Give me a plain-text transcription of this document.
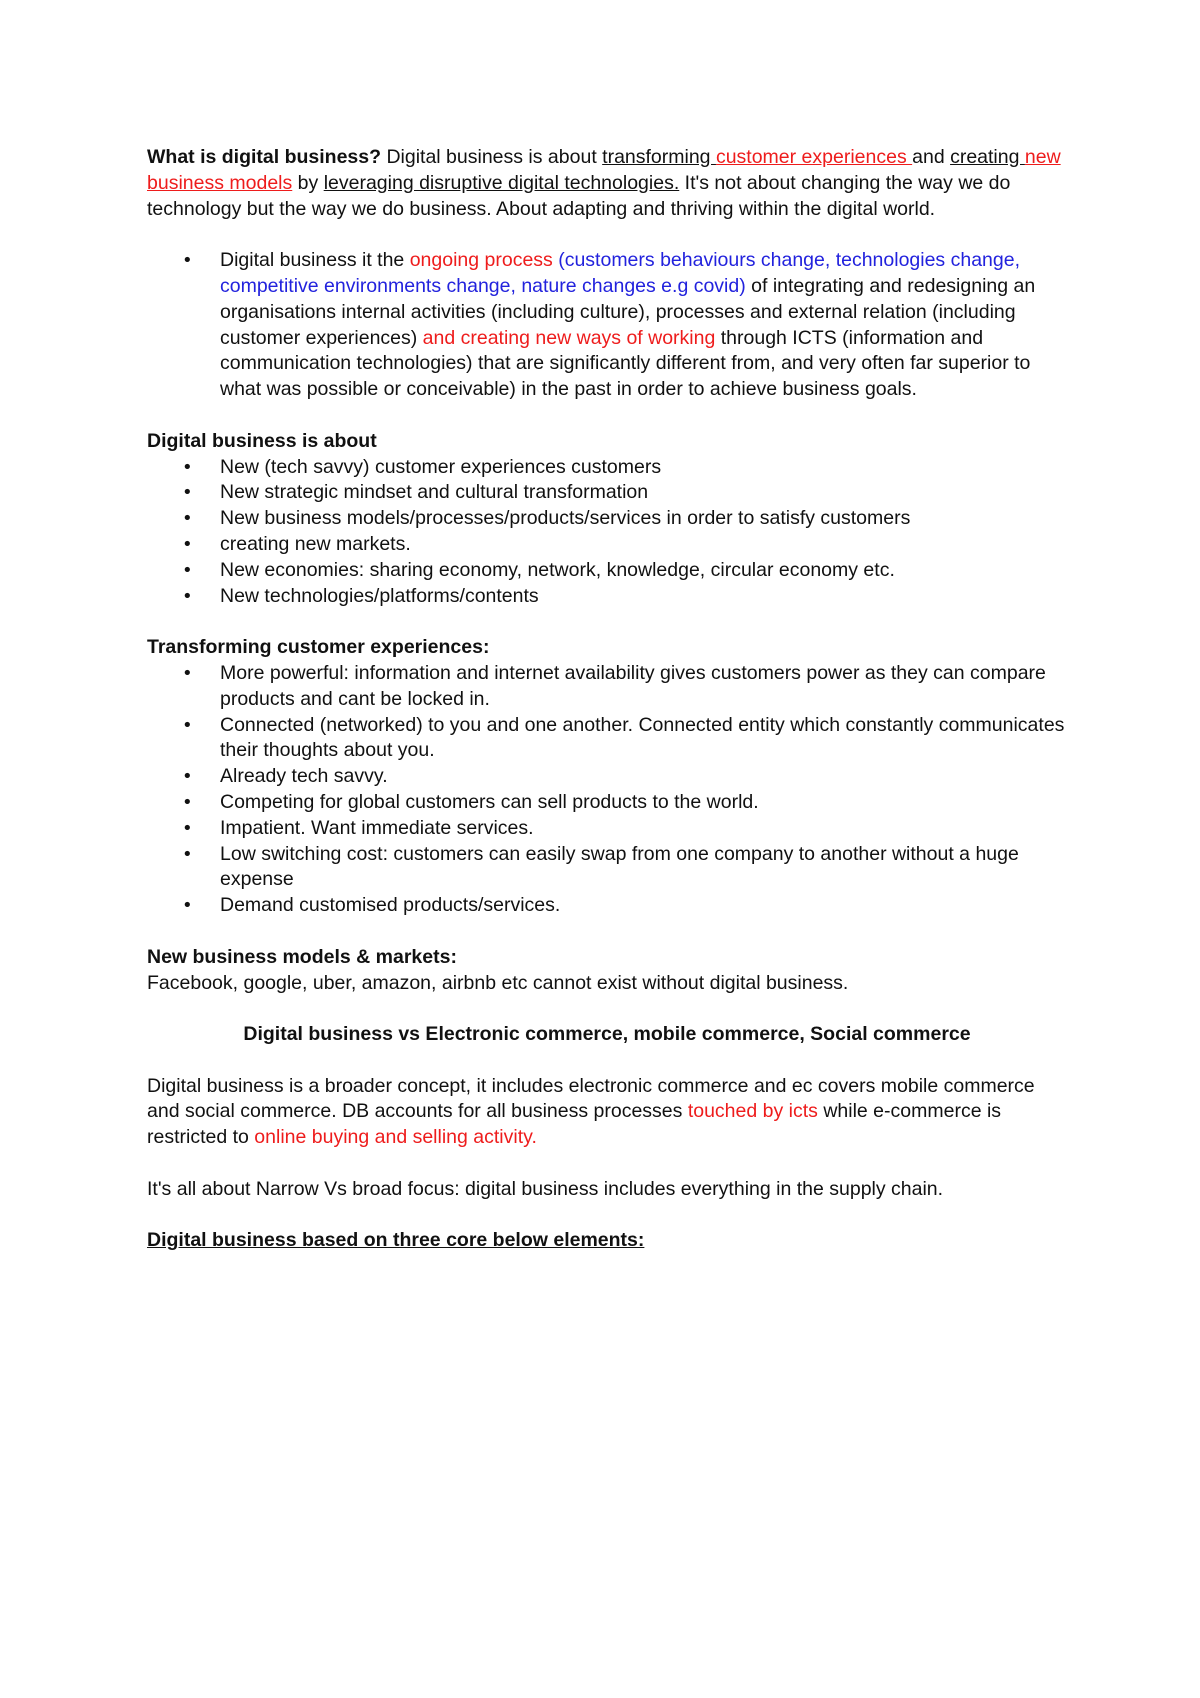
What is digital business? Digital business is about transforming customer experiences and creating new business models by leveraging disruptive digital technologies. It's not about changing the way we do technology but the way we do business. About adapting and thriving within the digital world.

• Digital business it the ongoing process (customers behaviours change, technologies change, competitive environments change, nature changes e.g covid) of integrating and redesigning an organisations internal activities (including culture), processes and external relation (including customer experiences) and creating new ways of working through ICTS (information and communication technologies) that are significantly different from, and very often far superior to what was possible or conceivable) in the past in order to achieve business goals.

Digital business is about

• New (tech savvy) customer experiences customers
• New strategic mindset and cultural transformation
• New business models/processes/products/services in order to satisfy customers
• creating new markets.
• New economies: sharing economy, network, knowledge, circular economy etc.
• New technologies/platforms/contents

Transforming customer experiences:

• More powerful: information and internet availability gives customers power as they can compare products and cant be locked in.
• Connected (networked) to you and one another. Connected entity which constantly communicates their thoughts about you.
• Already tech savvy.
• Competing for global customers can sell products to the world.
• Impatient. Want immediate services.
• Low switching cost: customers can easily swap from one company to another without a huge expense
• Demand customised products/services.

New business models & markets:

Facebook, google, uber, amazon, airbnb etc cannot exist without digital business.

Digital business vs Electronic commerce, mobile commerce, Social commerce

Digital business is a broader concept, it includes electronic commerce and ec covers mobile commerce and social commerce. DB accounts for all business processes touched by icts while e-commerce is restricted to online buying and selling activity.

It's all about Narrow Vs broad focus: digital business includes everything in the supply chain.

Digital business based on three core below elements:
